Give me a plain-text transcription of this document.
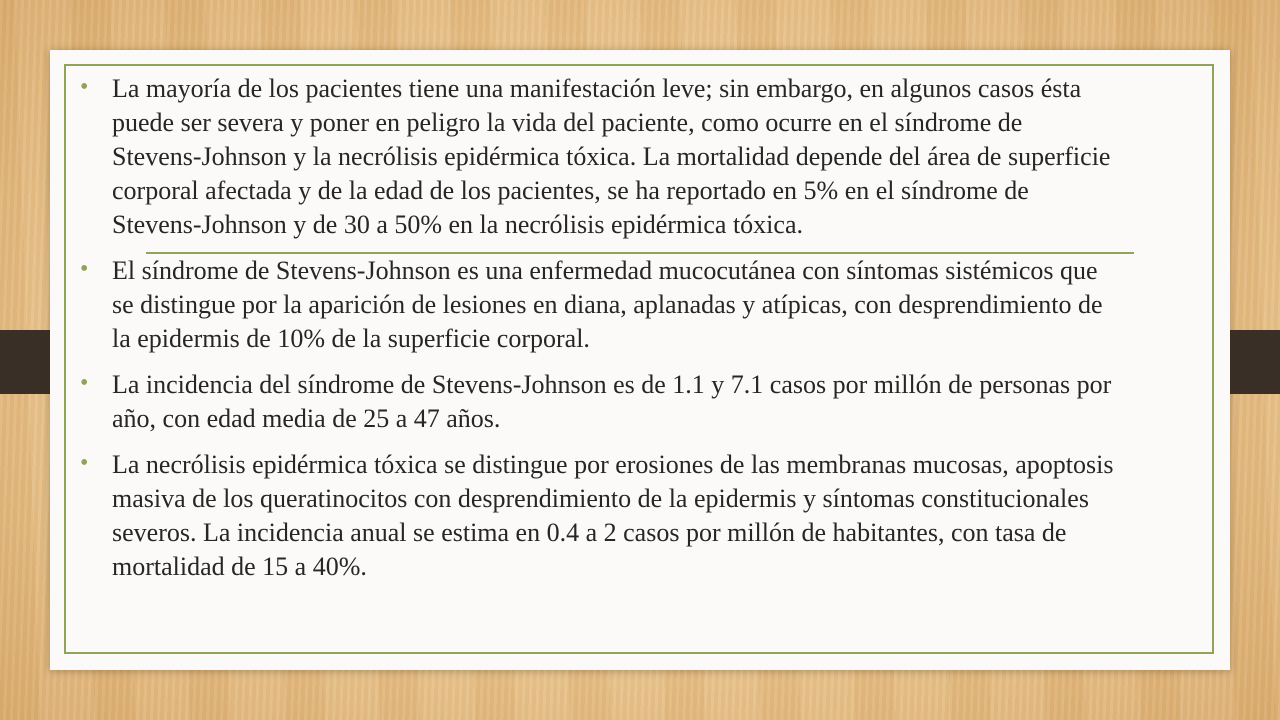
• La mayoría de los pacientes tiene una manifestación leve; sin embargo, en algunos casos ésta puede ser severa y poner en peligro la vida del paciente, como ocurre en el síndrome de Stevens-Johnson y la necrólisis epidérmica tóxica. La mortalidad depende del área de superficie corporal afectada y de la edad de los pacientes, se ha reportado en 5% en el síndrome de Stevens-Johnson y de 30 a 50% en la necrólisis epidérmica tóxica.
• El síndrome de Stevens-Johnson es una enfermedad mucocutánea con síntomas sistémicos que se distingue por la aparición de lesiones en diana, aplanadas y atípicas, con desprendimiento de la epidermis de 10% de la superficie corporal.
• La incidencia del síndrome de Stevens-Johnson es de 1.1 y 7.1 casos por millón de personas por año, con edad media de 25 a 47 años.
• La necrólisis epidérmica tóxica se distingue por erosiones de las membranas mucosas, apoptosis masiva de los queratinocitos con desprendimiento de la epidermis y síntomas constitucionales severos. La incidencia anual se estima en 0.4 a 2 casos por millón de habitantes, con tasa de mortalidad de 15 a 40%.
